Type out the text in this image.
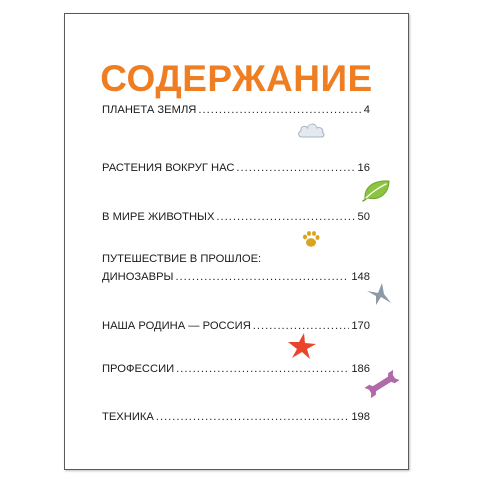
СОДЕРЖАНИЕ
ПЛАНЕТА ЗЕМЛЯ .....	4
РАСТЕНИЯ ВОКРУГ НАС .....	16
В МИРЕ ЖИВОТНЫХ .....	50
ПУТЕШЕСТВИЕ В ПРОШЛОЕ:
ДИНОЗАВРЫ .....	148
НАША РОДИНА — РОССИЯ .....	170
ПРОФЕССИИ .....	186
ТЕХНИКА .....	198
